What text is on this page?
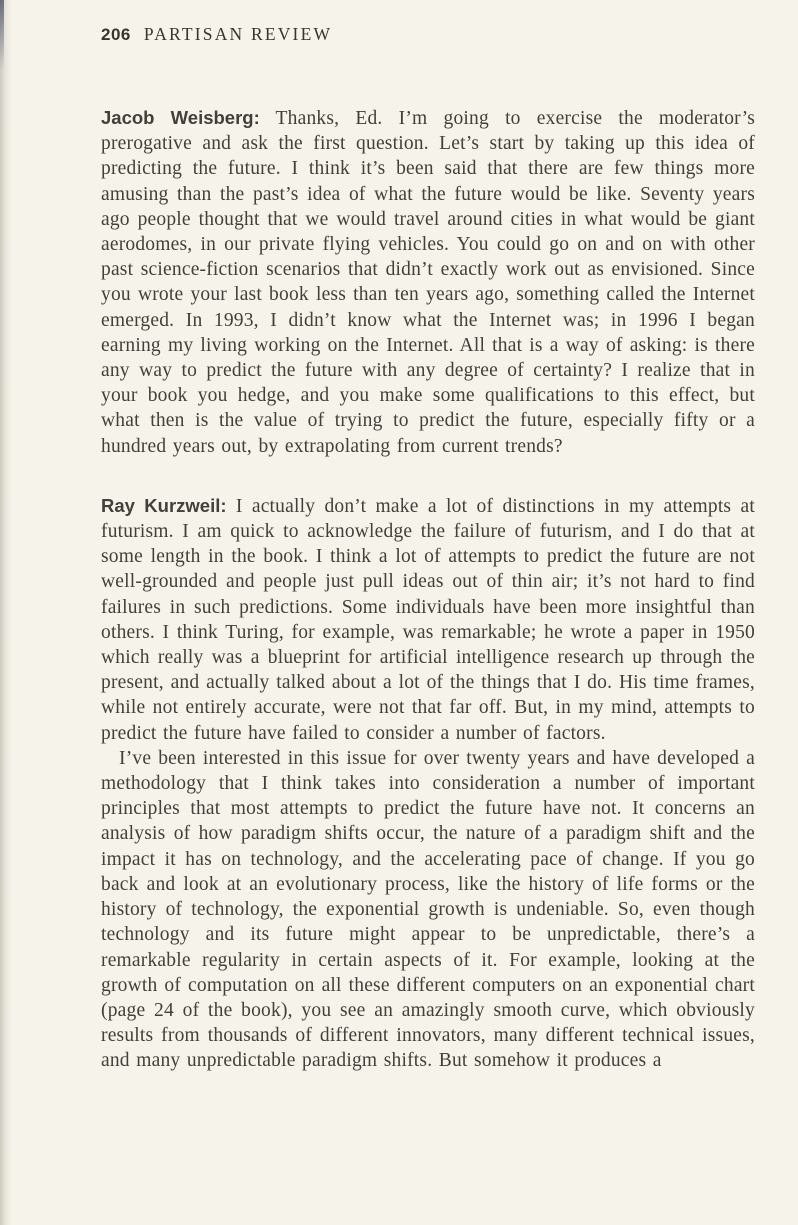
206 PARTISAN REVIEW

Jacob Weisberg: Thanks, Ed. I’m going to exercise the moderator’s prerogative and ask the first question. Let’s start by taking up this idea of predicting the future. I think it’s been said that there are few things more amusing than the past’s idea of what the future would be like. Seventy years ago people thought that we would travel around cities in what would be giant aerodomes, in our private flying vehicles. You could go on and on with other past science-fiction scenarios that didn’t exactly work out as envisioned. Since you wrote your last book less than ten years ago, something called the Internet emerged. In 1993, I didn’t know what the Internet was; in 1996 I began earning my living working on the Internet. All that is a way of asking: is there any way to predict the future with any degree of certainty? I realize that in your book you hedge, and you make some qualifications to this effect, but what then is the value of trying to predict the future, especially fifty or a hundred years out, by extrapolating from current trends?

Ray Kurzweil: I actually don’t make a lot of distinctions in my attempts at futurism. I am quick to acknowledge the failure of futurism, and I do that at some length in the book. I think a lot of attempts to predict the future are not well-grounded and people just pull ideas out of thin air; it’s not hard to find failures in such predictions. Some individuals have been more insightful than others. I think Turing, for example, was remarkable; he wrote a paper in 1950 which really was a blueprint for artificial intelligence research up through the present, and actually talked about a lot of the things that I do. His time frames, while not entirely accurate, were not that far off. But, in my mind, attempts to predict the future have failed to consider a number of factors.

I’ve been interested in this issue for over twenty years and have developed a methodology that I think takes into consideration a number of important principles that most attempts to predict the future have not. It concerns an analysis of how paradigm shifts occur, the nature of a paradigm shift and the impact it has on technology, and the accelerating pace of change. If you go back and look at an evolutionary process, like the history of life forms or the history of technology, the exponential growth is undeniable. So, even though technology and its future might appear to be unpredictable, there’s a remarkable regularity in certain aspects of it. For example, looking at the growth of computation on all these different computers on an exponential chart (page 24 of the book), you see an amazingly smooth curve, which obviously results from thousands of different innovators, many different technical issues, and many unpredictable paradigm shifts. But somehow it produces a
